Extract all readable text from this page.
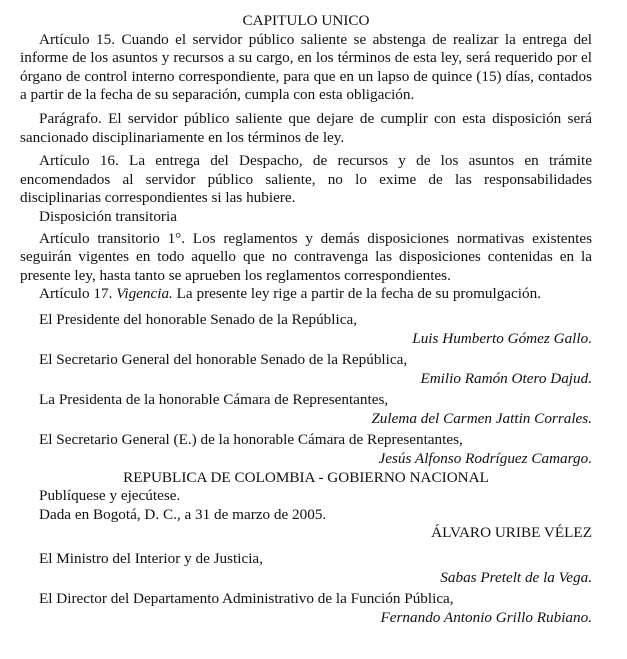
CAPITULO UNICO

Artículo 15. Cuando el servidor público saliente se abstenga de realizar la entrega del informe de los asuntos y recursos a su cargo, en los términos de esta ley, será requerido por el órgano de control interno correspondiente, para que en un lapso de quince (15) días, contados a partir de la fecha de su separación, cumpla con esta obligación.

Parágrafo. El servidor público saliente que dejare de cumplir con esta disposición será sancionado disciplinariamente en los términos de ley.

Artículo 16. La entrega del Despacho, de recursos y de los asuntos en trámite encomendados al servidor público saliente, no lo exime de las responsabilidades disciplinarias correspondientes si las hubiere.

Disposición transitoria

Artículo transitorio 1°. Los reglamentos y demás disposiciones normativas existentes seguirán vigentes en todo aquello que no contravenga las disposiciones contenidas en la presente ley, hasta tanto se aprueben los reglamentos correspondientes.

Artículo 17. Vigencia. La presente ley rige a partir de la fecha de su promulgación.

El Presidente del honorable Senado de la República,

Luis Humberto Gómez Gallo.

El Secretario General del honorable Senado de la República,

Emilio Ramón Otero Dajud.

La Presidenta de la honorable Cámara de Representantes,

Zulema del Carmen Jattin Corrales.

El Secretario General (E.) de la honorable Cámara de Representantes,

Jesús Alfonso Rodríguez Camargo.

REPUBLICA DE COLOMBIA - GOBIERNO NACIONAL

Publíquese y ejecútese.

Dada en Bogotá, D. C., a 31 de marzo de 2005.

ÁLVARO URIBE VÉLEZ

El Ministro del Interior y de Justicia,

Sabas Pretelt de la Vega.

El Director del Departamento Administrativo de la Función Pública,

Fernando Antonio Grillo Rubiano.
